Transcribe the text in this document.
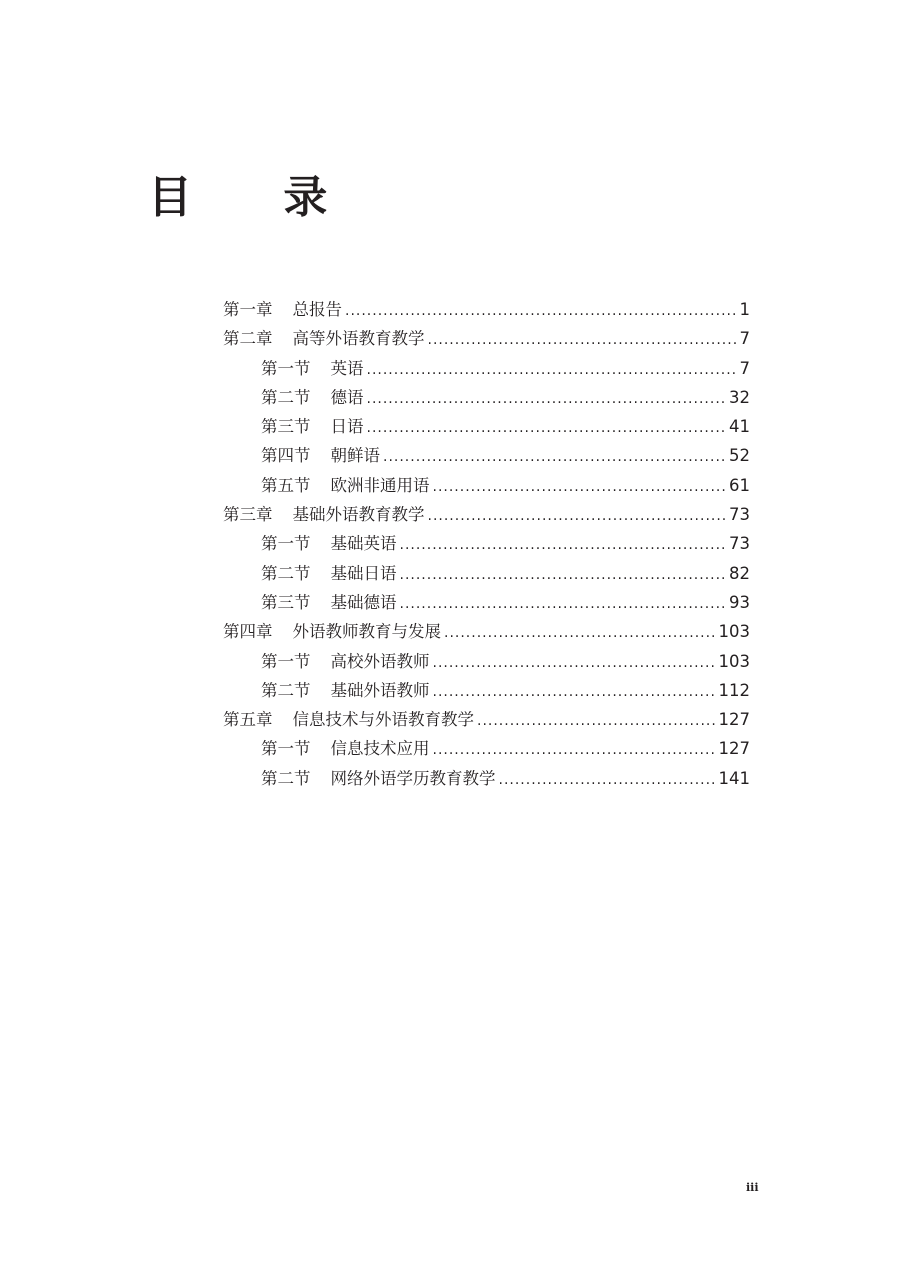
目 录
第一章	总报告 .....	1
第二章	高等外语教育教学 .....	7
第一节	英语 .....	7
第二节	德语 .....	32
第三节	日语 .....	41
第四节	朝鲜语 .....	52
第五节	欧洲非通用语 .....	61
第三章	基础外语教育教学 .....	73
第一节	基础英语 .....	73
第二节	基础日语 .....	82
第三节	基础德语 .....	93
第四章	外语教师教育与发展 .....	103
第一节	高校外语教师 .....	103
第二节	基础外语教师 .....	112
第五章	信息技术与外语教育教学 .....	127
第一节	信息技术应用 .....	127
第二节	网络外语学历教育教学 .....	141
iii
